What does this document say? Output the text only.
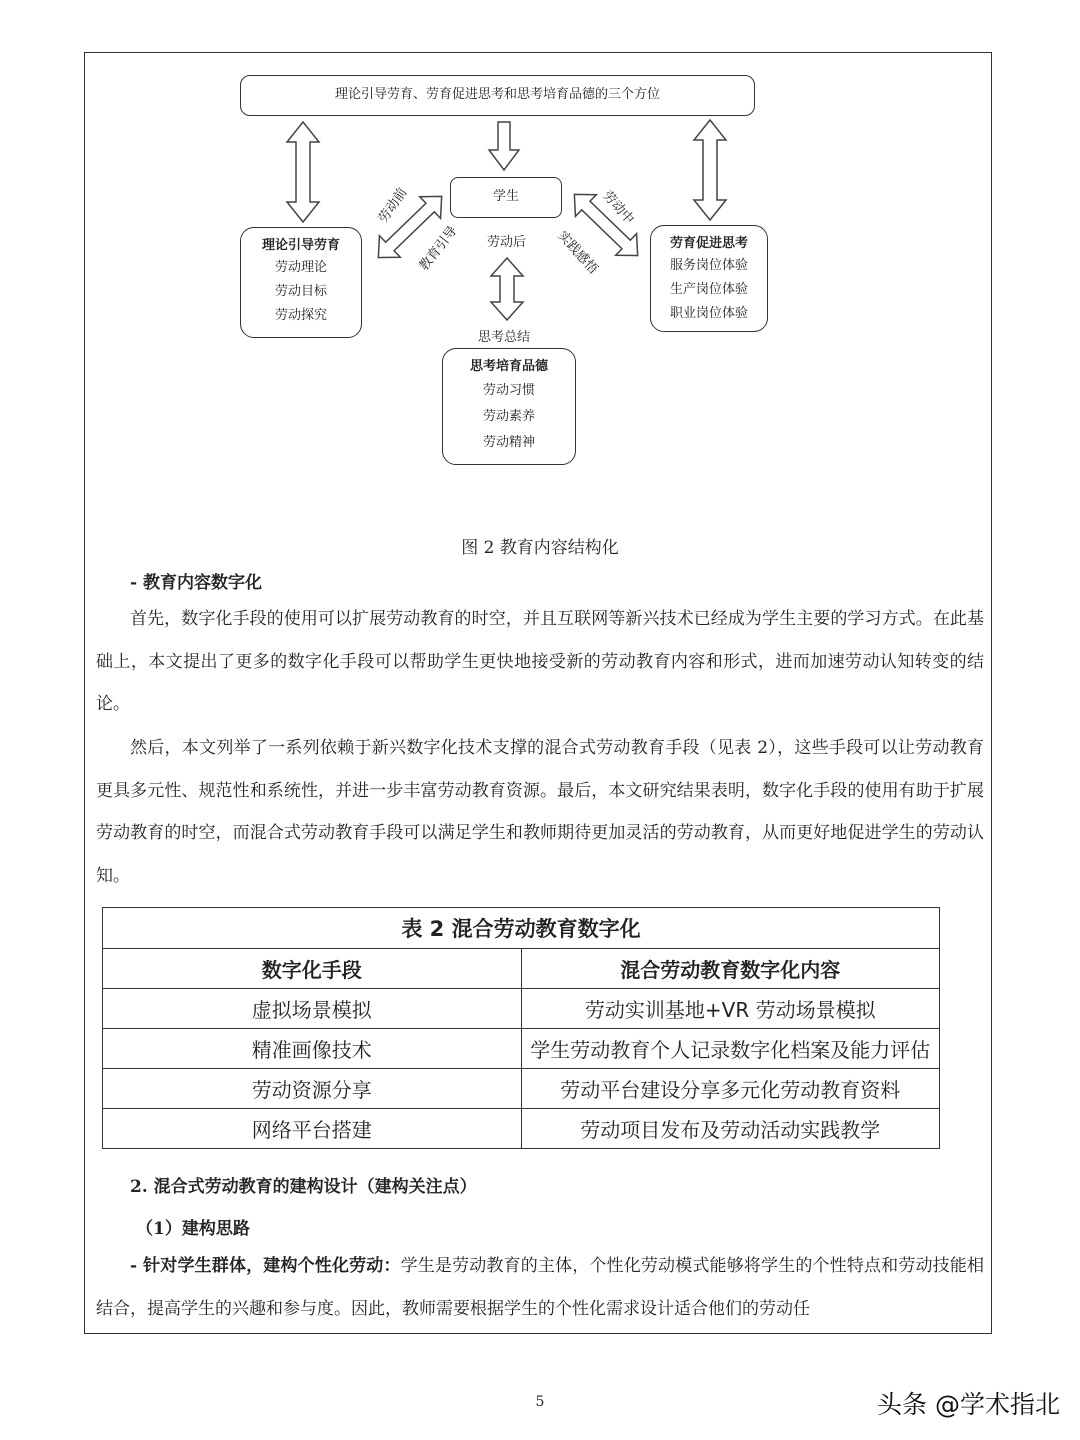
理论引导劳育、劳育促进思考和思考培育品德的三个方位
学生
理论引导劳育
劳动理论
劳动目标
劳动探究
劳育促进思考
服务岗位体验
生产岗位体验
职业岗位体验
思考培育品德
劳动习惯
劳动素养
劳动精神
劳动前
教育引导
劳动中
实践感悟
劳动后
思考总结
图 2 教育内容结构化
- 教育内容数字化

首先，数字化手段的使用可以扩展劳动教育的时空，并且互联网等新兴技术已经成为学生主要的学习方式。在此基础上，本文提出了更多的数字化手段可以帮助学生更快地接受新的劳动教育内容和形式，进而加速劳动认知转变的结论。

然后，本文列举了一系列依赖于新兴数字化技术支撑的混合式劳动教育手段（见表 2），这些手段可以让劳动教育更具多元性、规范性和系统性，并进一步丰富劳动教育资源。最后，本文研究结果表明，数字化手段的使用有助于扩展劳动教育的时空，而混合式劳动教育手段可以满足学生和教师期待更加灵活的劳动教育，从而更好地促进学生的劳动认知。

表 2 混合劳动教育数字化	
数字化手段	混合劳动教育数字化内容
虚拟场景模拟	劳动实训基地+VR 劳动场景模拟
精准画像技术	学生劳动教育个人记录数字化档案及能力评估
劳动资源分享	劳动平台建设分享多元化劳动教育资料
网络平台搭建	劳动项目发布及劳动活动实践教学
2. 混合式劳动教育的建构设计（建构关注点）
（1）建构思路

- 针对学生群体，建构个性化劳动：学生是劳动教育的主体，个性化劳动模式能够将学生的个性特点和劳动技能相结合，提高学生的兴趣和参与度。因此，教师需要根据学生的个性化需求设计适合他们的劳动任

5	头条 @学术指北
